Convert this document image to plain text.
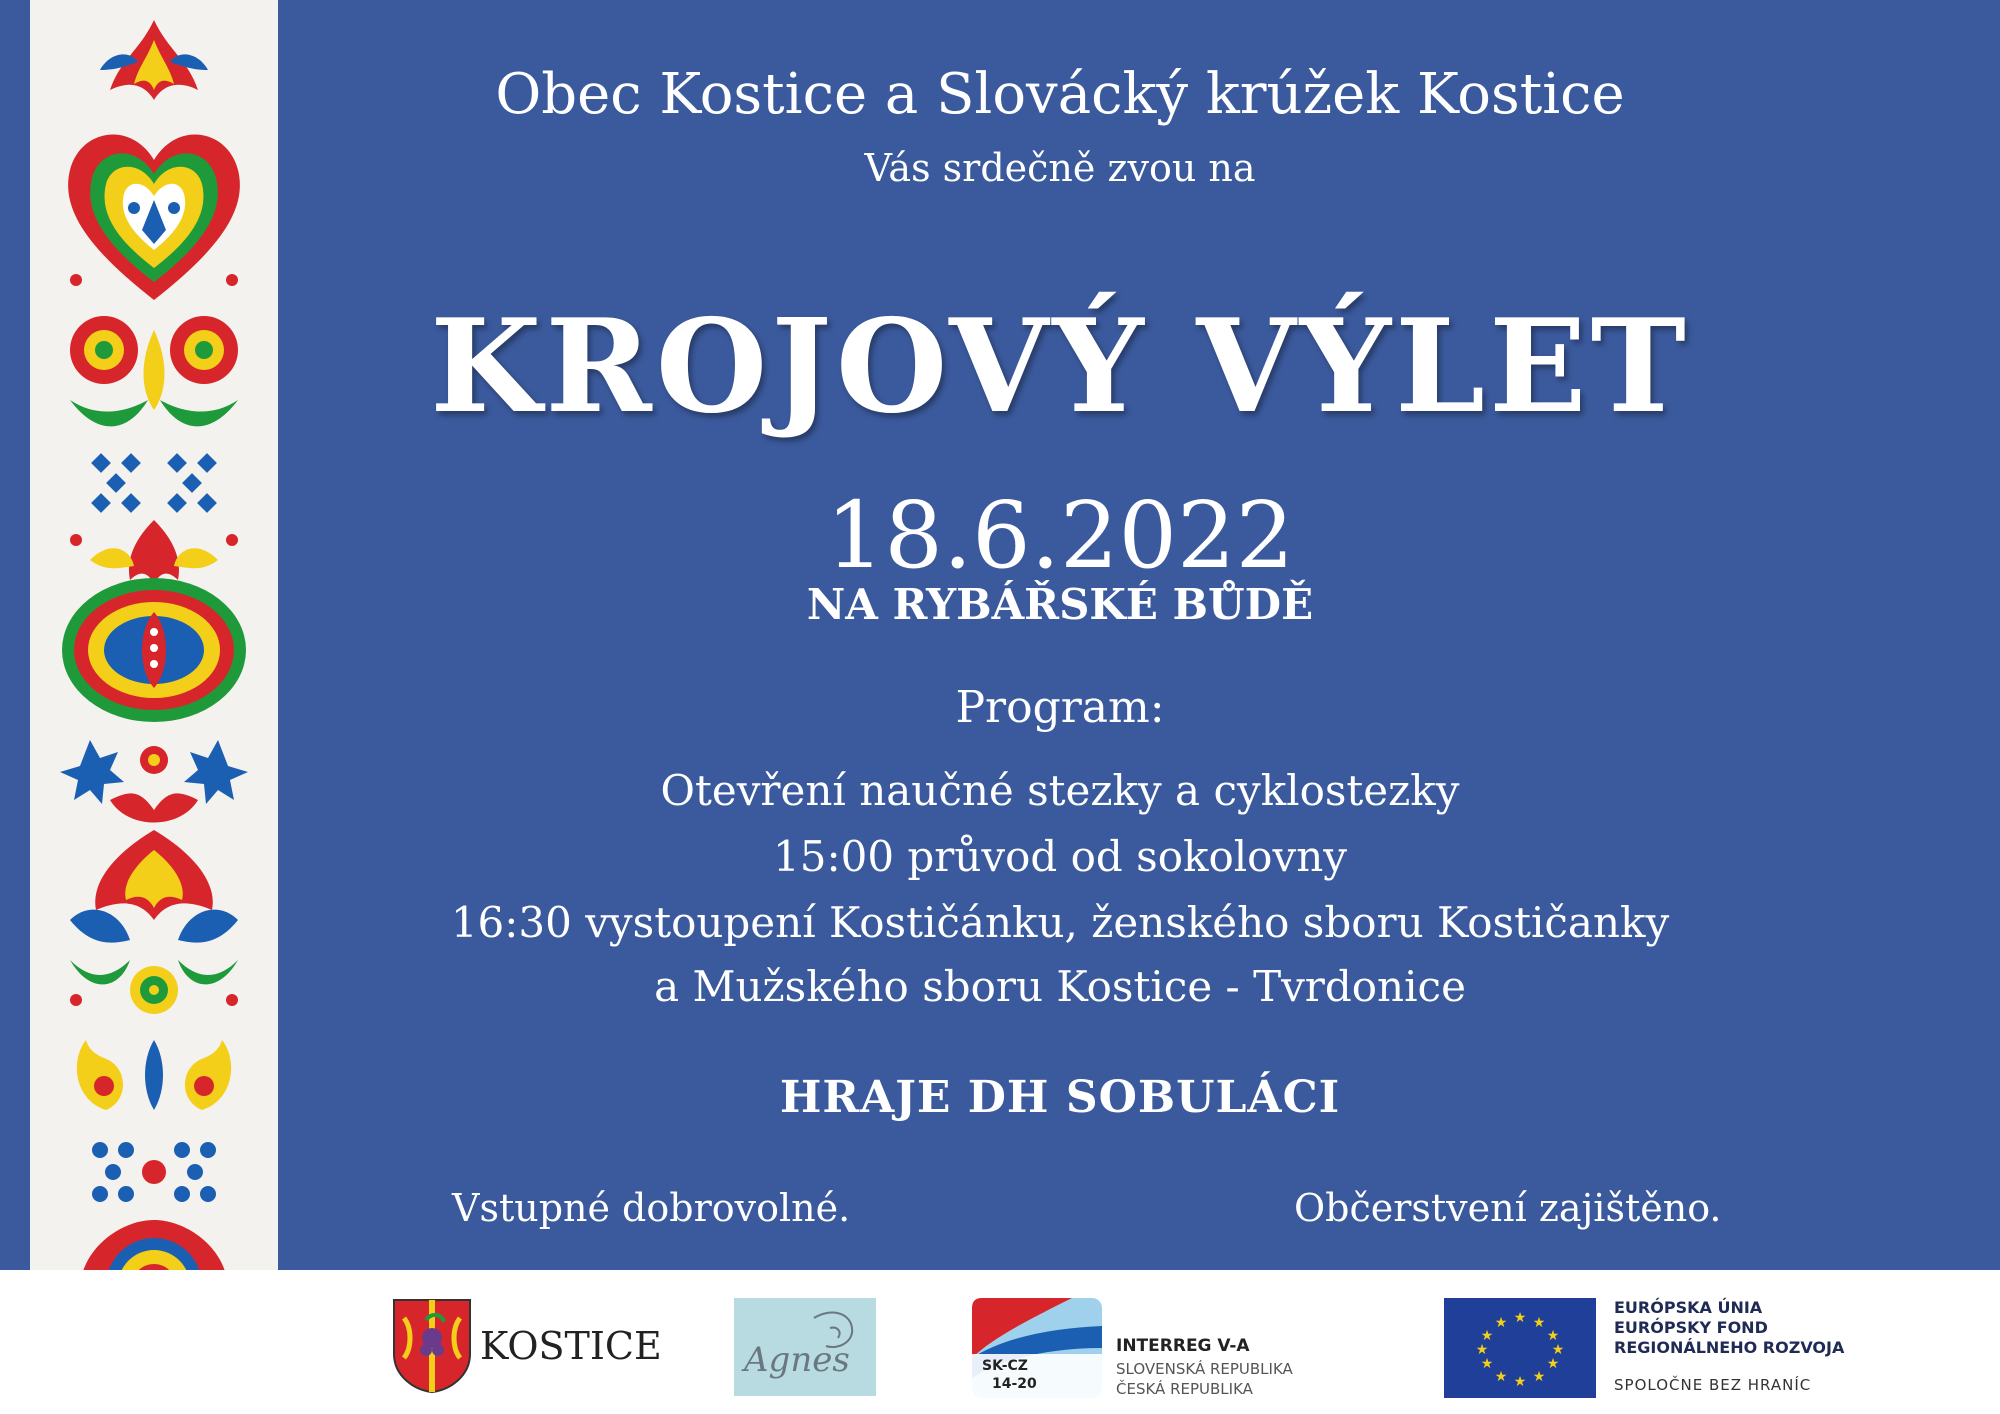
Obec Kostice a Slovácký krúžek Kostice
Vás srdečně zvou na
KROJOVÝ VÝLET
18.6.2022
NA RYBÁŘSKÉ BŮDĚ
Program:
Otevření naučné stezky a cyklostezky
15:00 průvod od sokolovny
16:30 vystoupení Kostičánku, ženského sboru Kostičanky
a Mužského sboru Kostice - Tvrdonice
HRAJE DH SOBULÁCI
Vstupné dobrovolné.	Občerstvení zajištěno.
KOSTICE Agnes	SK-CZ
14-20
INTERREG V-A
SLOVENSKÁ REPUBLIKA
ČESKÁ REPUBLIKA
★ ★
★
★
★
★
★
★
★
★
★
★
EURÓPSKA ÚNIA
EURÓPSKY FOND
REGIONÁLNEHO ROZVOJA
SPOLOČNE BEZ HRANÍC
